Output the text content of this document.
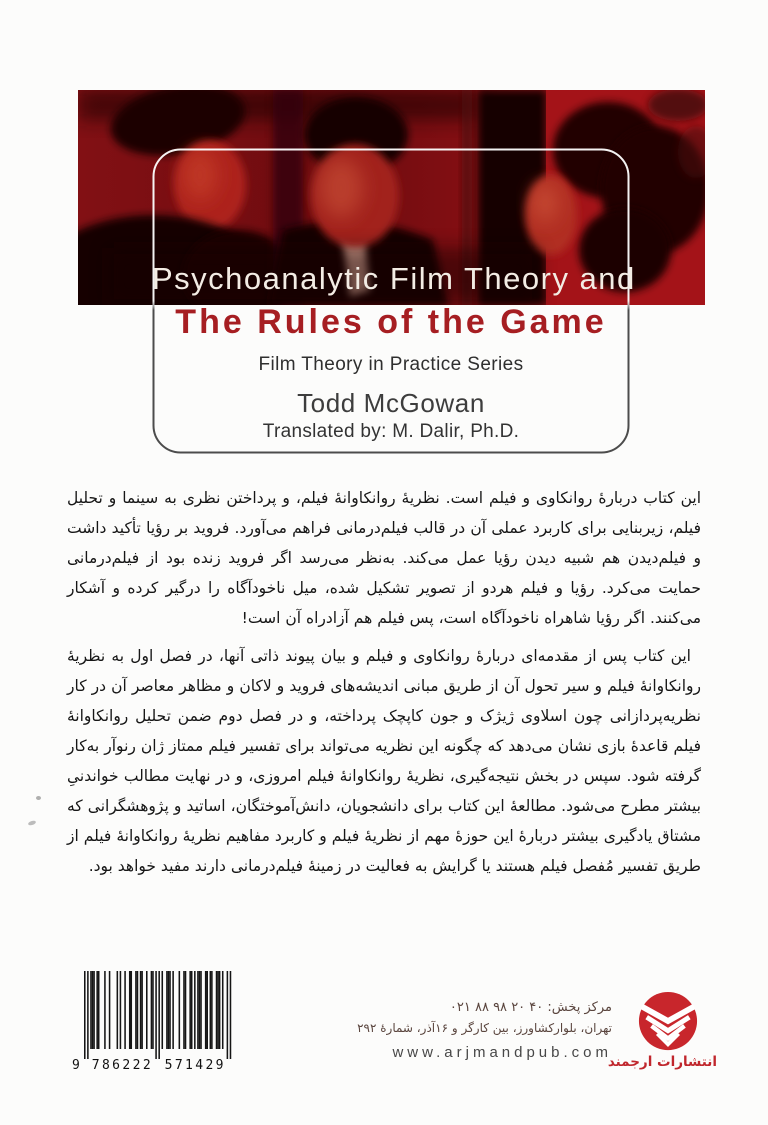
Psychoanalytic Film Theory and
The Rules of the Game
Film Theory in Practice Series
Todd McGowan
Translated by: M. Dalir, Ph.D.

این کتاب دربارهٔ روانکاوی و فیلم است. نظریهٔ روانکاوانهٔ فیلم، و پرداختن نظری به سینما و تحلیل فیلم، زیربنایی برای کاربرد عملی آن در قالب فیلم‌درمانی فراهم می‌آورد. فروید بر رؤیا تأکید داشت و فیلم‌دیدن هم شبیه دیدن رؤیا عمل می‌کند. به‌نظر می‌رسد اگر فروید زنده بود از فیلم‌درمانی حمایت می‌کرد. رؤیا و فیلم هردو از تصویر تشکیل شده، میل ناخودآگاه را درگیر کرده و آشکار می‌کنند. اگر رؤیا شاهراه ناخودآگاه است، پس فیلم هم آزادراه آن است!

این کتاب پس از مقدمه‌ای دربارهٔ روانکاوی و فیلم و بیان پیوند ذاتی آنها، در فصل اول به نظریهٔ روانکاوانهٔ فیلم و سیر تحول آن از طریق مبانی اندیشه‌های فروید و لاکان و مظاهر معاصر آن در کار نظریه‌پردازانی چون اسلاوی ژیژک و جون کاپچک پرداخته، و در فصل دوم ضمن تحلیل روانکاوانهٔ فیلم قاعدهٔ بازی نشان می‌دهد که چگونه این نظریه می‌تواند برای تفسیر فیلم ممتاز ژان رنوآر به‌کار گرفته شود. سپس در بخش نتیجه‌گیری، نظریهٔ روانکاوانهٔ فیلم امروزی، و در نهایت مطالب خواندنیِ بیشتر مطرح می‌شود. مطالعهٔ این کتاب برای دانشجویان، دانش‌آموختگان، اساتید و پژوهشگرانی که مشتاق یادگیری بیشتر دربارهٔ این حوزهٔ مهم از نظریهٔ فیلم و کاربرد مفاهیم نظریهٔ روانکاوانهٔ فیلم از طریق تفسیر مُفصل فیلم هستند یا گرایش به فعالیت در زمینهٔ فیلم‌درمانی دارند مفید خواهد بود.

9 786222 571429
مرکز پخش: ۴۰ ۲۰ ۹۸ ۸۸ ۰۲۱
تهران، بلوارکشاورز، بین کارگر و ۱۶آذر، شمارهٔ ۲۹۲
www.arjmandpub.com
انتشارات ارجمند
